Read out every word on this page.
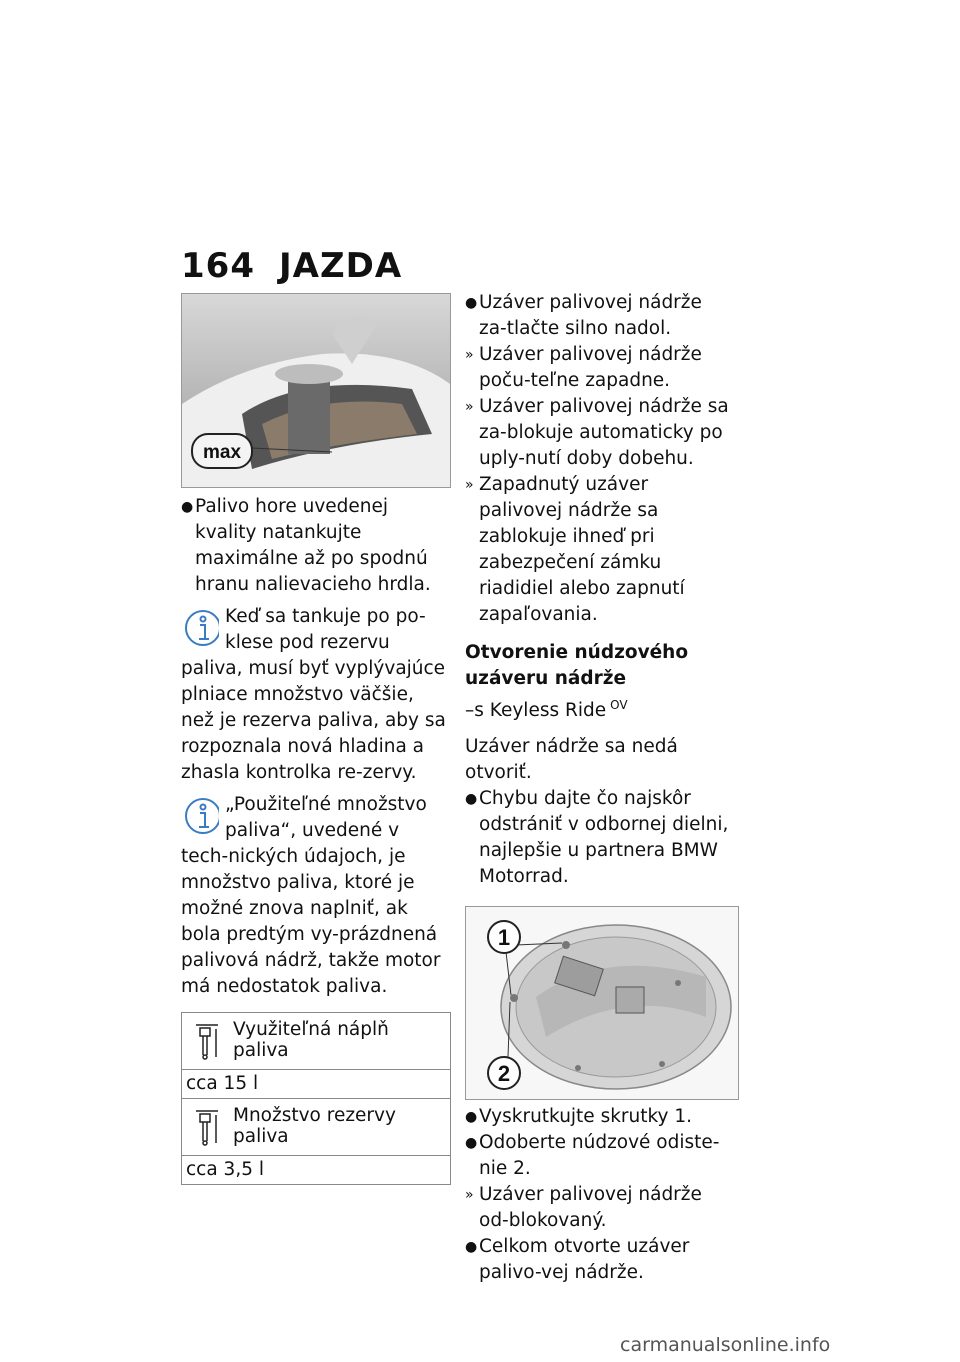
164 JAZDA
max
● Palivo hore uvedenej kvality natankujte maximálne až po spodnú hranu nalievacieho hrdla.
Keď sa tankuje po po-klese pod rezervu paliva, musí byť vyplývajúce plniace množstvo väčšie, než je rezerva paliva, aby sa rozpoznala nová hladina a zhasla kontrolka re-zervy.
„Použiteľné množstvo paliva“, uvedené v tech-nických údajoch, je množstvo paliva, ktoré je možné znova naplniť, ak bola predtým vy-prázdnená palivová nádrž, takže motor má nedostatok paliva.
Využiteľná náplň paliva
cca 15 l
Množstvo rezervy paliva
cca 3,5 l
● Uzáver palivovej nádrže za-tlačte silno nadol.
» Uzáver palivovej nádrže poču-teľne zapadne.
» Uzáver palivovej nádrže sa za-blokuje automaticky po uply-nutí doby dobehu.
» Zapadnutý uzáver palivovej nádrže sa zablokuje ihneď pri zabezpečení zámku riadidiel alebo zapnutí zapaľovania.
Otvorenie núdzového uzáveru nádrže
–s Keyless Ride $^{OV}$
Uzáver nádrže sa nedá otvoriť.
● Chybu dajte čo najskôr odstrániť v odbornej dielni, najlepšie u partnera BMW Motorrad.
1
2
● Vyskrutkujte skrutky 1.
● Odoberte núdzové odiste-nie 2.
» Uzáver palivovej nádrže od-blokovaný.
● Celkom otvorte uzáver palivo-vej nádrže.
carmanualsonline.info
